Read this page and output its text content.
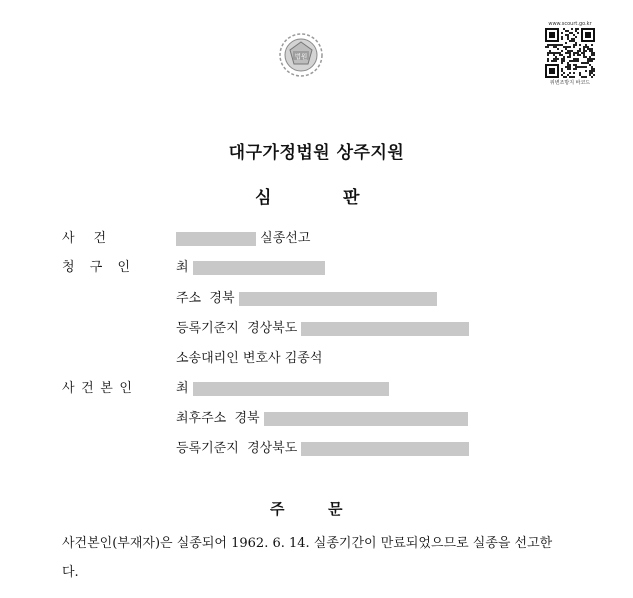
법원
www.scourt.go.kr
위변조방지 바코드
대구가정법원 상주지원
심	판
사 건	실종선고
청 구 인	최
주소 경북
등록기준지 경상북도
소송대리인 변호사 김종석
사 건 본 인	최
최후주소 경북
등록기준지 경상북도
주	문
사건본인(부재자)은 실종되어 1962. 6. 14. 실종기간이 만료되었으므로 실종을 선고한
다.
